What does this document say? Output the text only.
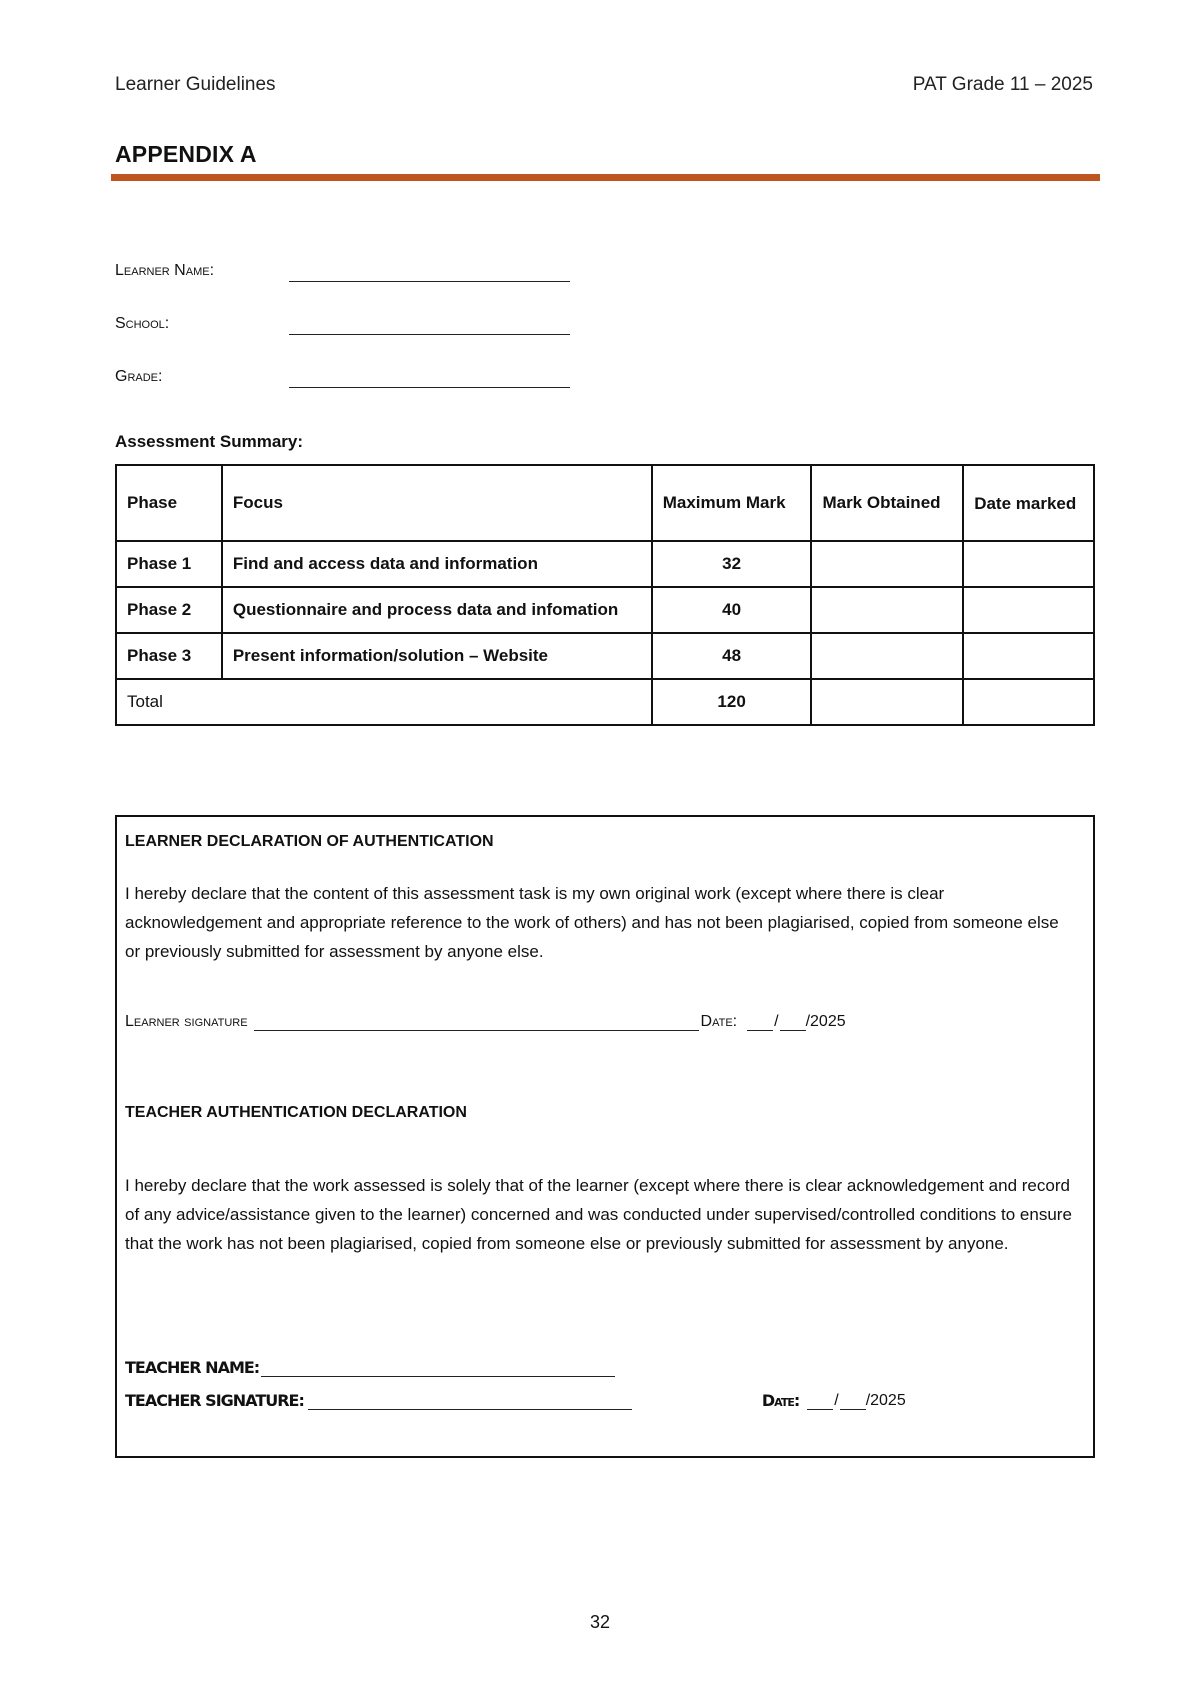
Learner Guidelines	PAT Grade 11 – 2025
APPENDIX A
Learner Name:
School:
Grade:
Assessment Summary:
Phase	Focus	Maximum Mark	Mark Obtained	Date marked
Phase 1	Find and access data and information	32		
Phase 2	Questionnaire and process data and infomation	40		
Phase 3	Present information/solution – Website	48		
Total		120		
LEARNER DECLARATION OF AUTHENTICATION
I hereby declare that the content of this assessment task is my own original work (except where there is clear acknowledgement and appropriate reference to the work of others) and has not been plagiarised, copied from someone else or previously submitted for assessment by anyone else.
Learner signature	Date: / /2025
TEACHER AUTHENTICATION DECLARATION
I hereby declare that the work assessed is solely that of the learner (except where there is clear acknowledgement and record of any advice/assistance given to the learner) concerned and was conducted under supervised/controlled conditions to ensure that the work has not been plagiarised, copied from someone else or previously submitted for assessment by anyone.
TEACHER NAME:
TEACHER SIGNATURE:	Date: / /2025
32
